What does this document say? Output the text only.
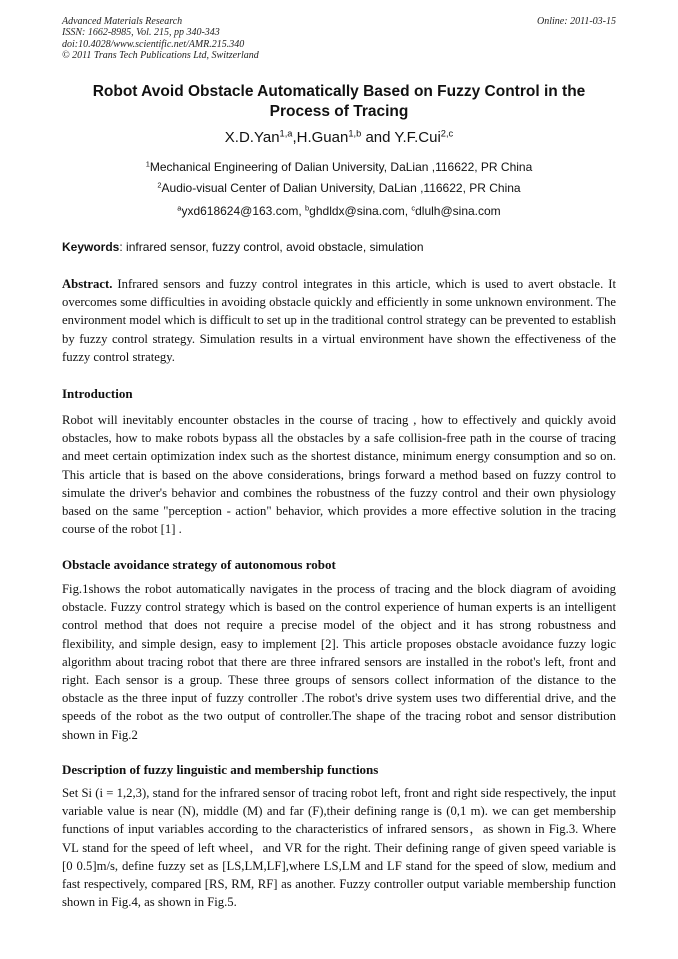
Advanced Materials Research	Online: 2011-03-15
ISSN: 1662-8985, Vol. 215, pp 340-343
doi:10.4028/www.scientific.net/AMR.215.340
© 2011 Trans Tech Publications Ltd, Switzerland
Robot Avoid Obstacle Automatically Based on Fuzzy Control in the Process of Tracing
X.D.Yan$^{1,a}$,H.Guan$^{1,b}$ and Y.F.Cui$^{2,c}$
$^1$Mechanical Engineering of Dalian University, DaLian ,116622, PR China
$^2$Audio-visual Center of Dalian University, DaLian ,116622, PR China
$^a$yxd618624@163.com, $^b$ghdldx@sina.com, $^c$dlulh@sina.com
Keywords: infrared sensor, fuzzy control, avoid obstacle, simulation

Abstract. Infrared sensors and fuzzy control integrates in this article, which is used to avert obstacle. It overcomes some difficulties in avoiding obstacle quickly and efficiently in some unknown environment. The environment model which is difficult to set up in the traditional control strategy can be prevented to establish by fuzzy control strategy. Simulation results in a virtual environment have shown the effectiveness of the fuzzy control strategy.

Introduction

Robot will inevitably encounter obstacles in the course of tracing , how to effectively and quickly avoid obstacles, how to make robots bypass all the obstacles by a safe collision-free path in the course of tracing and meet certain optimization index such as the shortest distance, minimum energy consumption and so on. This article that is based on the above considerations, brings forward a method based on fuzzy control to simulate the driver's behavior and combines the robustness of the fuzzy control and their own physiology based on the same "perception - action" behavior, which provides a more effective solution in the tracing course of the robot [1] .

Obstacle avoidance strategy of autonomous robot

Fig.1shows the robot automatically navigates in the process of tracing and the block diagram of avoiding obstacle. Fuzzy control strategy which is based on the control experience of human experts is an intelligent control method that does not require a precise model of the object and it has strong robustness and flexibility, and simple design, easy to implement [2]. This article proposes obstacle avoidance fuzzy logic algorithm about tracing robot that there are three infrared sensors are installed in the robot's left, front and right. Each sensor is a group. These three groups of sensors collect information of the distance to the obstacle as the three input of fuzzy controller .The robot's drive system uses two differential drive, and the speeds of the robot as the two output of controller.The shape of the tracing robot and sensor distribution shown in Fig.2

Description of fuzzy linguistic and membership functions

Set Si (i = 1,2,3), stand for the infrared sensor of tracing robot left, front and right side respectively, the input variable value is near (N), middle (M) and far (F),their defining range is (0,1 m). we can get membership functions of input variables according to the characteristics of infrared sensors，as shown in Fig.3. Where VL stand for the speed of left wheel，and VR for the right. Their defining range of given speed variable is [0 0.5]m/s, define fuzzy set as [LS,LM,LF],where LS,LM and LF stand for the speed of slow, medium and fast respectively, compared [RS, RM, RF] as another. Fuzzy controller output variable membership function shown in Fig.4, as shown in Fig.5.
